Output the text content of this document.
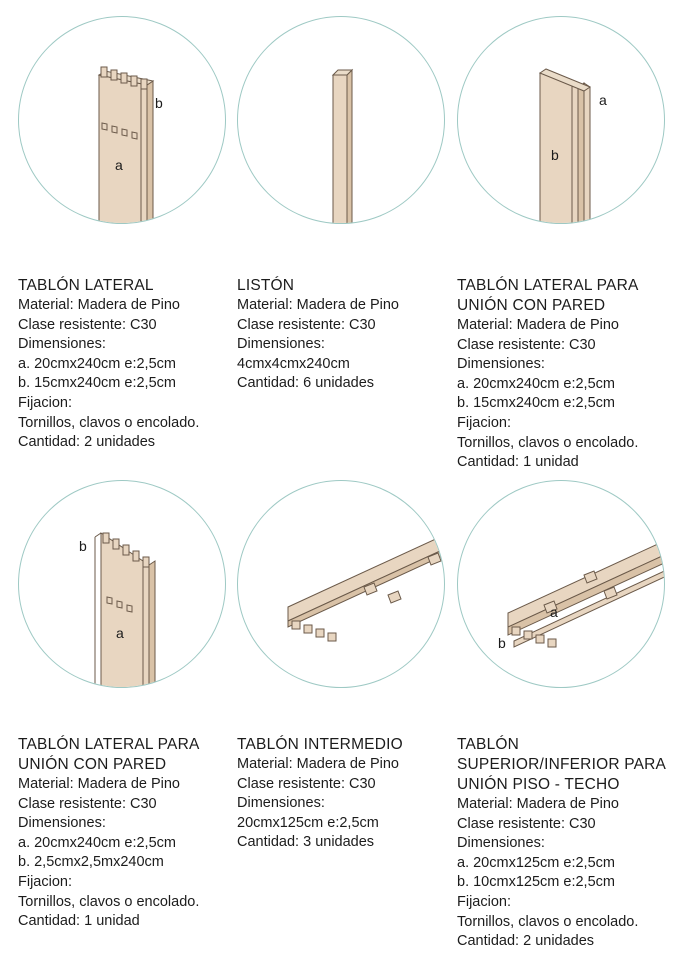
a
b

TABLÓN LATERAL

Material: Madera de Pino
Clase resistente: C30
Dimensiones:
a. 20cmx240cm e:2,5cm
b. 15cmx240cm e:2,5cm
Fijacion:
Tornillos, clavos o encolado.
Cantidad: 2 unidades

LISTÓN

Material: Madera de Pino
Clase resistente: C30
Dimensiones:
4cmx4cmx240cm
Cantidad: 6 unidades
b
a

TABLÓN LATERAL PARA
UNIÓN CON PARED

Material: Madera de Pino
Clase resistente: C30
Dimensiones:
a. 20cmx240cm e:2,5cm
b. 15cmx240cm e:2,5cm
Fijacion:
Tornillos, clavos o encolado.
Cantidad: 1 unidad
a
b

TABLÓN LATERAL PARA
UNIÓN CON PARED

Material: Madera de Pino
Clase resistente: C30
Dimensiones:
a. 20cmx240cm e:2,5cm
b. 2,5cmx2,5mx240cm
Fijacion:
Tornillos, clavos o encolado.
Cantidad: 1 unidad

TABLÓN INTERMEDIO

Material: Madera de Pino
Clase resistente: C30
Dimensiones:
20cmx125cm e:2,5cm
Cantidad: 3 unidades
a
b

TABLÓN
SUPERIOR/INFERIOR PARA
UNIÓN PISO - TECHO

Material: Madera de Pino
Clase resistente: C30
Dimensiones:
a. 20cmx125cm e:2,5cm
b. 10cmx125cm e:2,5cm
Fijacion:
Tornillos, clavos o encolado.
Cantidad: 2 unidades
